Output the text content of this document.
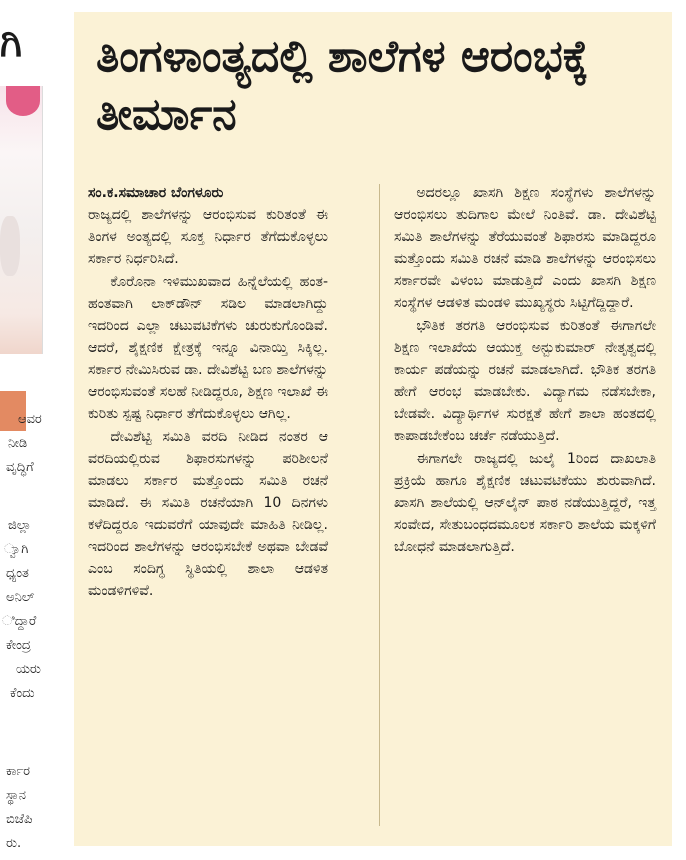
ಗಿ
ಆವರ
ನೀಡಿ
ವೃದ್ಧಿಗೆ
ಜಿಲ್ಲಾ
್ವಾಗಿ
ಧ್ಯಂತ
ಅನಿಲ್
ಿದ್ದಾರೆ
ಕೇಂದ್ರ
ಯರು
ಕೆಂದು
ರ್ಕಾರ
ಸ್ಥಾನ
ಬಿಜೆಪಿ
ರು.
ತಿಂಗಳಾಂತ್ಯದಲ್ಲಿ ಶಾಲೆಗಳ ಆರಂಭಕ್ಕೆ ತೀರ್ಮಾನ
ಸಂ.ಕ.ಸಮಾಚಾರ ಬೆಂಗಳೂರು

ರಾಜ್ಯದಲ್ಲಿ ಶಾಲೆಗಳನ್ನು ಆರಂಭಿಸುವ ಕುರಿತಂತೆ ಈ ತಿಂಗಳ ಅಂತ್ಯದಲ್ಲಿ ಸೂಕ್ತ ನಿರ್ಧಾರ ತೆಗೆದುಕೊಳ್ಳಲು ಸರ್ಕಾರ ನಿರ್ಧರಿಸಿದೆ.

ಕೊರೊನಾ ಇಳಿಮುಖವಾದ ಹಿನ್ನೆಲೆಯಲ್ಲಿ ಹಂತ-ಹಂತವಾಗಿ ಲಾಕ್‌ಡೌನ್ ಸಡಿಲ ಮಾಡಲಾಗಿದ್ದು ಇದರಿಂದ ಎಲ್ಲಾ ಚಟುವಟಿಕೆಗಳು ಚುರುಕುಗೊಂಡಿವೆ. ಆದರೆ, ಶೈಕ್ಷಣಿಕ ಕ್ಷೇತ್ರಕ್ಕೆ ಇನ್ನೂ ವಿನಾಯ್ತಿ ಸಿಕ್ಕಿಲ್ಲ. ಸರ್ಕಾರ ನೇಮಿಸಿರುವ ಡಾ. ದೇವಿಶೆಟ್ಟಿ ಬಣ ಶಾಲೆಗಳನ್ನು ಆರಂಭಿಸುವಂತೆ ಸಲಹೆ ನೀಡಿದ್ದರೂ, ಶಿಕ್ಷಣ ಇಲಾಖೆ ಈ ಕುರಿತು ಸ್ಪಷ್ಟ ನಿರ್ಧಾರ ತೆಗೆದುಕೊಳ್ಳಲು ಆಗಿಲ್ಲ.

ದೇವಿಶೆಟ್ಟಿ ಸಮಿತಿ ವರದಿ ನೀಡಿದ ನಂತರ ಆ ವರದಿಯಲ್ಲಿರುವ ಶಿಫಾರಸುಗಳನ್ನು ಪರಿಶೀಲನೆ ಮಾಡಲು ಸರ್ಕಾರ ಮತ್ತೊಂದು ಸಮಿತಿ ರಚನೆ ಮಾಡಿದೆ. ಈ ಸಮಿತಿ ರಚನೆಯಾಗಿ 10 ದಿನಗಳು ಕಳೆದಿದ್ದರೂ ಇದುವರೆಗೆ ಯಾವುದೇ ಮಾಹಿತಿ ನೀಡಿಲ್ಲ. ಇದರಿಂದ ಶಾಲೆಗಳನ್ನು ಆರಂಭಿಸಬೇಕೆ ಅಥವಾ ಬೇಡವೆ ಎಂಬ ಸಂದಿಗ್ಧ ಸ್ಥಿತಿಯಲ್ಲಿ ಶಾಲಾ ಆಡಳಿತ ಮಂಡಳಿಗಳಿವೆ.

ಅದರಲ್ಲೂ ಖಾಸಗಿ ಶಿಕ್ಷಣ ಸಂಸ್ಥೆಗಳು ಶಾಲೆಗಳನ್ನು ಆರಂಭಿಸಲು ತುದಿಗಾಲ ಮೇಲೆ ನಿಂತಿವೆ. ಡಾ. ದೇವಿಶೆಟ್ಟಿ ಸಮಿತಿ ಶಾಲೆಗಳನ್ನು ತೆರೆಯುವಂತೆ ಶಿಫಾರಸು ಮಾಡಿದ್ದರೂ ಮತ್ತೊಂದು ಸಮಿತಿ ರಚನೆ ಮಾಡಿ ಶಾಲೆಗಳನ್ನು ಆರಂಭಿಸಲು ಸರ್ಕಾರವೇ ವಿಳಂಬ ಮಾಡುತ್ತಿದೆ ಎಂದು ಖಾಸಗಿ ಶಿಕ್ಷಣ ಸಂಸ್ಥೆಗಳ ಆಡಳಿತ ಮಂಡಳಿ ಮುಖ್ಯಸ್ಥರು ಸಿಟ್ಟಿಗೆದ್ದಿದ್ದಾರೆ.

ಭೌತಿಕ ತರಗತಿ ಆರಂಭಿಸುವ ಕುರಿತಂತೆ ಈಗಾಗಲೇ ಶಿಕ್ಷಣ ಇಲಾಖೆಯ ಆಯುಕ್ತ ಅನ್ಬುಕುಮಾರ್ ನೇತೃತ್ವದಲ್ಲಿ ಕಾರ್ಯ ಪಡೆಯನ್ನು ರಚನೆ ಮಾಡಲಾಗಿದೆ. ಭೌತಿಕ ತರಗತಿ ಹೇಗೆ ಆರಂಭ ಮಾಡಬೇಕು. ವಿದ್ಯಾಗಮ ನಡೆಸಬೇಕಾ, ಬೇಡವೇ. ವಿದ್ಯಾರ್ಥಿಗಳ ಸುರಕ್ಷತೆ ಹೇಗೆ ಶಾಲಾ ಹಂತದಲ್ಲಿ ಕಾಪಾಡಬೇಕೆಂಬ ಚರ್ಚೆ ನಡೆಯುತ್ತಿದೆ.

ಈಗಾಗಲೇ ರಾಜ್ಯದಲ್ಲಿ ಜುಲೈ 1ರಿಂದ ದಾಖಲಾತಿ ಪ್ರಕ್ರಿಯೆ ಹಾಗೂ ಶೈಕ್ಷಣಿಕ ಚಟುವಟಿಕೆಯು ಶುರುವಾಗಿದೆ. ಖಾಸಗಿ ಶಾಲೆಯಲ್ಲಿ ಆನ್‌ಲೈನ್ ಪಾಠ ನಡೆಯುತ್ತಿದ್ದರೆ, ಇತ್ತ ಸಂವೇದ, ಸೇತುಬಂಧದಮೂಲಕ ಸರ್ಕಾರಿ ಶಾಲೆಯ ಮಕ್ಕಳಿಗೆ ಬೋಧನೆ ಮಾಡಲಾಗುತ್ತಿದೆ.
